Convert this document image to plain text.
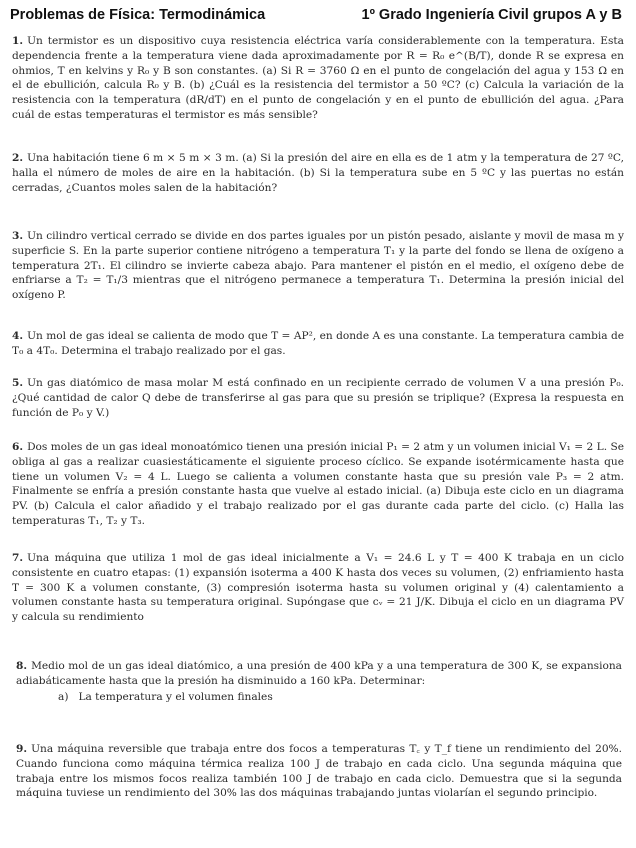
Problemas de Física: Termodinámica	1º Grado Ingeniería Civil grupos A y B
1. Un termistor es un dispositivo cuya resistencia eléctrica varía considerablemente con la temperatura. Esta dependencia frente a la temperatura viene dada aproximadamente por R = R₀ e^(B/T), donde R se expresa en ohmios, T en kelvins y R₀ y B son constantes. (a) Si R = 3760 Ω en el punto de congelación del agua y 153 Ω en el de ebullición, calcula R₀ y B. (b) ¿Cuál es la resistencia del termistor a 50 ºC? (c) Calcula la variación de la resistencia con la temperatura (dR/dT) en el punto de congelación y en el punto de ebullición del agua. ¿Para cuál de estas temperaturas el termistor es más sensible?
2. Una habitación tiene 6 m × 5 m × 3 m. (a) Si la presión del aire en ella es de 1 atm y la temperatura de 27 ºC, halla el número de moles de aire en la habitación. (b) Si la temperatura sube en 5 ºC y las puertas no están cerradas, ¿Cuantos moles salen de la habitación?
3. Un cilindro vertical cerrado se divide en dos partes iguales por un pistón pesado, aislante y movil de masa m y superficie S. En la parte superior contiene nitrógeno a temperatura T₁ y la parte del fondo se llena de oxígeno a temperatura 2T₁. El cilindro se invierte cabeza abajo. Para mantener el pistón en el medio, el oxígeno debe de enfriarse a T₂ = T₁/3 mientras que el nitrógeno permanece a temperatura T₁. Determina la presión inicial del oxígeno P.
4. Un mol de gas ideal se calienta de modo que T = AP², en donde A es una constante. La temperatura cambia de T₀ a 4T₀. Determina el trabajo realizado por el gas.
5. Un gas diatómico de masa molar M está confinado en un recipiente cerrado de volumen V a una presión P₀. ¿Qué cantidad de calor Q debe de transferirse al gas para que su presión se triplique? (Expresa la respuesta en función de P₀ y V.)
6. Dos moles de un gas ideal monoatómico tienen una presión inicial P₁ = 2 atm y un volumen inicial V₁ = 2 L. Se obliga al gas a realizar cuasiestáticamente el siguiente proceso cíclico. Se expande isotérmicamente hasta que tiene un volumen V₂ = 4 L. Luego se calienta a volumen constante hasta que su presión vale P₃ = 2 atm. Finalmente se enfría a presión constante hasta que vuelve al estado inicial. (a) Dibuja este ciclo en un diagrama PV. (b) Calcula el calor añadido y el trabajo realizado por el gas durante cada parte del ciclo. (c) Halla las temperaturas T₁, T₂ y T₃.
7. Una máquina que utiliza 1 mol de gas ideal inicialmente a V₁ = 24.6 L y T = 400 K trabaja en un ciclo consistente en cuatro etapas: (1) expansión isoterma a 400 K hasta dos veces su volumen, (2) enfriamiento hasta T = 300 K a volumen constante, (3) compresión isoterma hasta su volumen original y (4) calentamiento a volumen constante hasta su temperatura original. Supóngase que cᵥ = 21 J/K. Dibuja el ciclo en un diagrama PV y calcula su rendimiento
8. Medio mol de un gas ideal diatómico, a una presión de 400 kPa y a una temperatura de 300 K, se expansiona adiabáticamente hasta que la presión ha disminuido a 160 kPa. Determinar:
a) La temperatura y el volumen finales
9. Una máquina reversible que trabaja entre dos focos a temperaturas T꜀ y T_f tiene un rendimiento del 20%. Cuando funciona como máquina térmica realiza 100 J de trabajo en cada ciclo. Una segunda máquina que trabaja entre los mismos focos realiza también 100 J de trabajo en cada ciclo. Demuestra que si la segunda máquina tuviese un rendimiento del 30% las dos máquinas trabajando juntas violarían el segundo principio.
